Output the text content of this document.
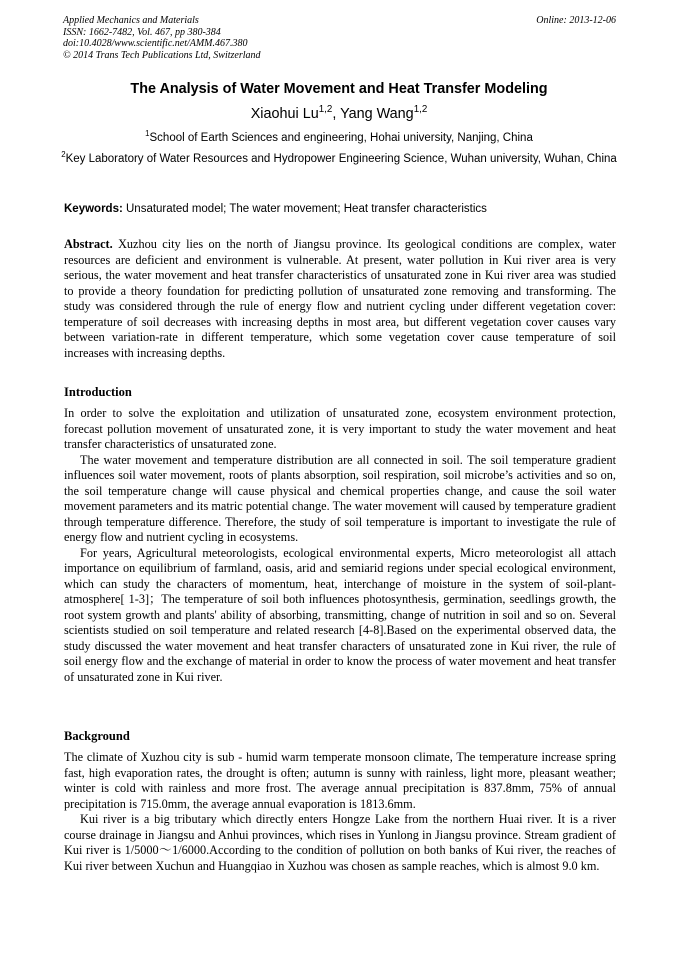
Applied Mechanics and Materials
ISSN: 1662-7482, Vol. 467, pp 380-384
doi:10.4028/www.scientific.net/AMM.467.380
© 2014 Trans Tech Publications Ltd, Switzerland
Online: 2013-12-06
The Analysis of Water Movement and Heat Transfer Modeling
Xiaohui Lu$^{1,2}$, Yang Wang$^{1,2}$
$^1$School of Earth Sciences and engineering, Hohai university, Nanjing, China
$^2$Key Laboratory of Water Resources and Hydropower Engineering Science, Wuhan university, Wuhan, China
Keywords: Unsaturated model; The water movement; Heat transfer characteristics
Abstract. Xuzhou city lies on the north of Jiangsu province. Its geological conditions are complex, water resources are deficient and environment is vulnerable. At present, water pollution in Kui river area is very serious, the water movement and heat transfer characteristics of unsaturated zone in Kui river area was studied to provide a theory foundation for predicting pollution of unsaturated zone removing and transforming. The study was considered through the rule of energy flow and nutrient cycling under different vegetation cover: temperature of soil decreases with increasing depths in most area, but different vegetation cover causes vary between variation-rate in different temperature, which some vegetation cover cause temperature of soil increases with increasing depths.
Introduction

In order to solve the exploitation and utilization of unsaturated zone, ecosystem environment protection, forecast pollution movement of unsaturated zone, it is very important to study the water movement and heat transfer characteristics of unsaturated zone.

The water movement and temperature distribution are all connected in soil. The soil temperature gradient influences soil water movement, roots of plants absorption, soil respiration, soil microbe’s activities and so on, the soil temperature change will cause physical and chemical properties change, and cause the soil water movement parameters and its matric potential change. The water movement will caused by temperature gradient through temperature difference. Therefore, the study of soil temperature is important to investigate the rule of energy flow and nutrient cycling in ecosystems.

For years, Agricultural meteorologists, ecological environmental experts, Micro meteorologist all attach importance on equilibrium of farmland, oasis, arid and semiarid regions under special ecological environment, which can study the characters of momentum, heat, interchange of moisture in the system of soil-plant-atmosphere[ 1-3]；The temperature of soil both influences photosynthesis, germination, seedlings growth, the root system growth and plants' ability of absorbing, transmitting, change of nutrition in soil and so on. Several scientists studied on soil temperature and related research [4-8].Based on the experimental observed data, the study discussed the water movement and heat transfer characters of unsaturated zone in Kui river, the rule of soil energy flow and the exchange of material in order to know the process of water movement and heat transfer of unsaturated zone in Kui river.

Background

The climate of Xuzhou city is sub - humid warm temperate monsoon climate, The temperature increase spring fast, high evaporation rates, the drought is often; autumn is sunny with rainless, light more, pleasant weather; winter is cold with rainless and more frost. The average annual precipitation is 837.8mm, 75% of annual precipitation is 715.0mm, the average annual evaporation is 1813.6mm.

Kui river is a big tributary which directly enters Hongze Lake from the northern Huai river. It is a river course drainage in Jiangsu and Anhui provinces, which rises in Yunlong in Jiangsu province. Stream gradient of Kui river is 1/5000～1/6000.According to the condition of pollution on both banks of Kui river, the reaches of Kui river between Xuchun and Huangqiao in Xuzhou was chosen as sample reaches, which is almost 9.0 km.
